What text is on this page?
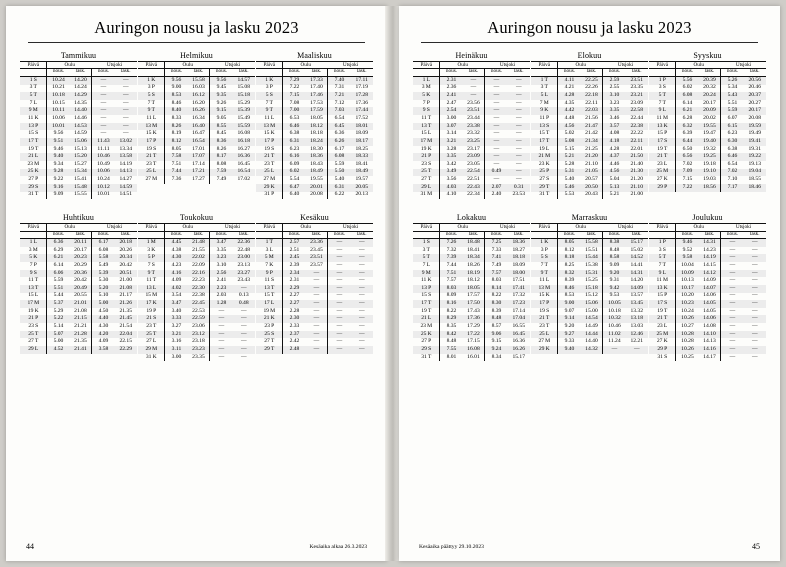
Auringon nousu ja lasku 2023
Tammikuu
Päivä	Oulu		Utsjoki	
	nous.	lask.	nous.	lask.
1 S	10.24	14.20	—	—
3 T	10.21	14.24	—	—
5 T	10.18	14.29	—	—
7 L	10.15	14.35	—	—
9 M	10.11	14.40	—	—
11 K	10.06	14.46	—	—
13 P	10.01	14.53	—	—
15 S	9.56	14.59	—	—
17 T	9.51	15.06	11.43	13.02
19 T	9.46	15.13	11.11	13.34
21 L	9.40	15.20	10.46	13.58
23 M	9.34	15.27	10.49	14.19
25 K	9.28	15.34	10.06	14.13
27 P	9.22	15.41	10.24	14.27
29 S	9.16	15.48	10.12	14.59
31 T	9.09	15.55	10.01	14.51
Helmikuu
Päivä	Oulu		Utsjoki	
	nous.	lask.	nous.	lask.
1 K	9.56	15.58	9.56	14.57
3 P	9.00	16.03	9.45	15.08
5 S	8.53	16.12	9.35	15.18
7 T	8.46	16.20	9.26	15.29
9 T	8.40	16.26	9.15	15.39
11 L	8.33	16.34	9.05	15.49
13 M	8.26	16.40	8.55	15.59
15 K	8.19	16.47	8.45	16.08
17 P	8.12	16.54	8.36	16.18
19 S	8.05	17.01	8.26	16.27
21 T	7.58	17.07	8.17	16.36
23 T	7.51	17.14	8.08	16.45
25 L	7.44	17.21	7.59	16.54
27 M	7.36	17.27	7.49	17.02
Maaliskuu
Päivä	Oulu		Utsjoki	
	nous.	lask.	nous.	lask.
1 K	7.29	17.33	7.40	17.11
3 P	7.22	17.40	7.31	17.19
5 S	7.15	17.46	7.21	17.28
7 T	7.08	17.53	7.12	17.36
9 T	7.00	17.59	7.03	17.44
11 L	6.53	18.05	6.54	17.52
13 M	6.46	18.12	6.45	18.01
15 K	6.38	18.18	6.36	18.09
17 P	6.31	18.24	6.26	18.17
19 S	6.23	18.30	6.17	18.25
21 T	6.16	18.36	6.08	18.33
23 T	6.09	18.43	5.59	18.41
25 L	6.02	18.49	5.50	18.49
27 M	5.54	19.55	5.40	19.57
29 K	6.47	20.01	6.31	20.05
31 P	6.40	20.08	6.22	20.13
Huhtikuu
Päivä	Oulu		Utsjoki	
	nous.	lask.	nous.	lask.
1 L	6.36	20.11	6.17	20.18
3 M	6.29	20.17	6.08	20.26
5 K	6.21	20.23	5.58	20.34
7 P	6.14	20.29	5.49	20.42
9 S	6.06	20.36	5.39	20.51
11 T	5.59	20.42	5.30	21.00
13 T	5.51	20.49	5.20	21.08
15 L	5.44	20.55	5.10	21.17
17 M	5.37	21.01	5.00	21.26
19 K	5.29	21.08	4.50	21.35
21 P	5.22	21.15	4.40	21.45
23 S	5.14	21.21	4.30	21.54
25 T	5.07	21.28	4.20	22.04
27 T	5.00	21.35	4.09	22.15
29 L	4.52	21.41	3.58	22.29
Toukokuu
Päivä	Oulu		Utsjoki	
	nous.	lask.	nous.	lask.
1 M	4.45	21.48	3.47	22.36
3 K	4.38	21.55	3.35	22.48
5 P	4.30	22.02	3.23	23.00
7 S	4.23	22.09	3.10	23.13
9 T	4.16	22.16	2.56	23.27
11 T	4.09	22.23	2.41	23.43
13 L	4.02	22.30	2.23	—
15 M	3.54	22.38	2.03	0.13
17 K	3.47	22.45	1.28	0.48
19 P	3.40	22.53	—	—
21 S	3.33	22.59	—	—
23 T	3.27	23.06	—	—
25 T	3.21	23.12	—	—
27 L	3.16	23.18	—	—
29 M	3.11	23.23	—	—
31 K	3.00	23.35	—	—
Kesäkuu
Päivä	Oulu		Utsjoki	
	nous.	lask.	nous.	lask.
1 T	2.57	23.36	—	—
3 L	2.51	23.45	—	—
5 M	2.45	23.51	—	—
7 K	2.39	23.57	—	—
9 P	2.34	—	—	—
11 S	2.31	—	—	—
13 T	2.29	—	—	—
15 T	2.27	—	—	—
17 L	2.27	—	—	—
19 M	2.28	—	—	—
21 K	2.30	—	—	—
23 P	2.33	—	—	—
25 S	2.37	—	—	—
27 T	2.42	—	—	—
29 T	2.48	—	—	—
44	Kesäaika alkaa 26.3.2023
Auringon nousu ja lasku 2023
Heinäkuu
Päivä	Oulu		Utsjoki	
	nous.	lask.	nous.	lask.
1 L	2.31	—	—	—
3 M	2.36	—	—	—
5 K	2.41	—	—	—
7 P	2.47	23.56	—	—
9 S	2.54	23.51	—	—
11 T	3.00	23.44	—	—
13 T	3.07	23.38	—	—
15 L	3.14	23.32	—	—
17 M	3.21	23.25	—	—
19 K	3.28	23.17	—	—
21 P	3.35	23.09	—	—
23 S	3.42	23.05	—	—
25 T	3.49	22.54	0.49	—
27 T	3.56	22.51	—	—
29 L	4.03	22.43	2.07	0.31
31 M	4.10	22.34	2.40	23.53
Elokuu
Päivä	Oulu		Utsjoki	
	nous.	lask.	nous.	lask.
1 T	4.11	22.25	2.59	23.51
3 T	4.21	22.26	2.55	23.35
5 L	4.28	22.18	3.10	23.21
7 M	4.35	22.11	3.23	23.09
9 K	4.42	22.03	3.35	22.58
11 P	4.48	21.56	3.46	22.44
13 S	4.56	21.47	3.57	22.38
15 T	5.02	21.42	4.08	22.22
17 T	5.08	21.34	4.18	22.11
19 L	5.15	21.25	4.28	22.01
21 M	5.21	21.20	4.37	21.50
23 K	5.28	21.10	4.46	21.40
25 P	5.31	21.05	4.56	21.30
27 S	5.40	20.57	5.04	21.20
29 T	5.46	20.50	5.13	21.10
31 T	5.53	20.43	5.21	21.00
Syyskuu
Päivä	Oulu		Utsjoki	
	nous.	lask.	nous.	lask.
1 P	5.56	20.39	5.26	20.56
3 S	6.02	20.32	5.34	20.46
5 T	6.08	20.24	5.43	20.37
7 T	6.14	20.17	5.51	20.27
9 L	6.21	20.09	5.59	20.17
11 M	6.28	20.02	6.07	20.08
13 K	6.32	19.55	6.15	19.59
15 P	6.39	19.47	6.23	19.49
17 S	6.44	19.40	6.30	19.41
19 T	6.50	19.32	6.38	19.31
21 T	6.56	19.25	6.46	19.22
23 L	7.02	19.18	6.54	19.13
25 M	7.09	19.10	7.02	19.04
27 K	7.15	19.03	7.10	18.55
29 P	7.22	18.56	7.17	18.46
Lokakuu
Päivä	Oulu		Utsjoki	
	nous.	lask.	nous.	lask.
1 S	7.26	18.48	7.25	18.36
3 T	7.32	18.41	7.33	18.27
5 T	7.39	18.34	7.41	18.18
7 L	7.44	18.26	7.49	18.09
9 M	7.51	18.19	7.57	18.00
11 K	7.57	18.12	8.03	17.51
13 P	8.03	18.05	8.14	17.41
15 S	8.09	17.57	8.22	17.32
17 T	8.16	17.50	8.30	17.23
19 T	8.22	17.43	8.39	17.14
21 L	8.29	17.36	8.48	17.04
23 M	8.35	17.29	8.57	16.55
25 K	8.42	17.22	9.06	16.45
27 P	8.48	17.15	9.15	16.36
29 S	7.55	16.08	9.24	16.26
31 T	8.01	16.01	8.34	15.17
Marraskuu
Päivä	Oulu		Utsjoki	
	nous.	lask.	nous.	lask.
1 K	8.05	15.58	8.38	15.17
3 P	8.12	15.51	8.48	15.02
5 S	8.18	15.44	8.58	14.52
7 T	8.25	15.38	9.09	14.41
9 T	8.32	15.31	9.20	14.31
11 L	8.39	15.25	9.31	14.20
13 M	8.46	15.18	9.42	14.09
15 K	8.53	15.12	9.53	13.57
17 P	9.00	15.06	10.05	13.45
19 S	9.07	15.00	10.18	13.32
21 T	9.14	14.54	10.32	13.18
23 T	9.20	14.49	10.46	13.03
25 L	9.27	14.44	11.02	12.46
27 M	9.33	14.40	11.24	12.21
29 K	9.40	14.32	—	—
Joulukuu
Päivä	Oulu		Utsjoki	
	nous.	lask.	nous.	lask.
1 P	9.46	14.31	—	—
3 S	9.52	14.23	—	—
5 T	9.58	14.19	—	—
7 T	10.04	14.15	—	—
9 L	10.09	14.12	—	—
11 M	10.13	14.09	—	—
13 K	10.17	14.07	—	—
15 P	10.20	14.06	—	—
17 S	10.23	14.05	—	—
19 T	10.24	14.05	—	—
21 T	10.26	14.06	—	—
23 L	10.27	14.08	—	—
25 M	10.28	14.10	—	—
27 K	10.28	14.13	—	—
29 P	10.26	14.16	—	—
31 S	10.25	14.17	—	—
45
Kesäaika päättyy 29.10.2023
